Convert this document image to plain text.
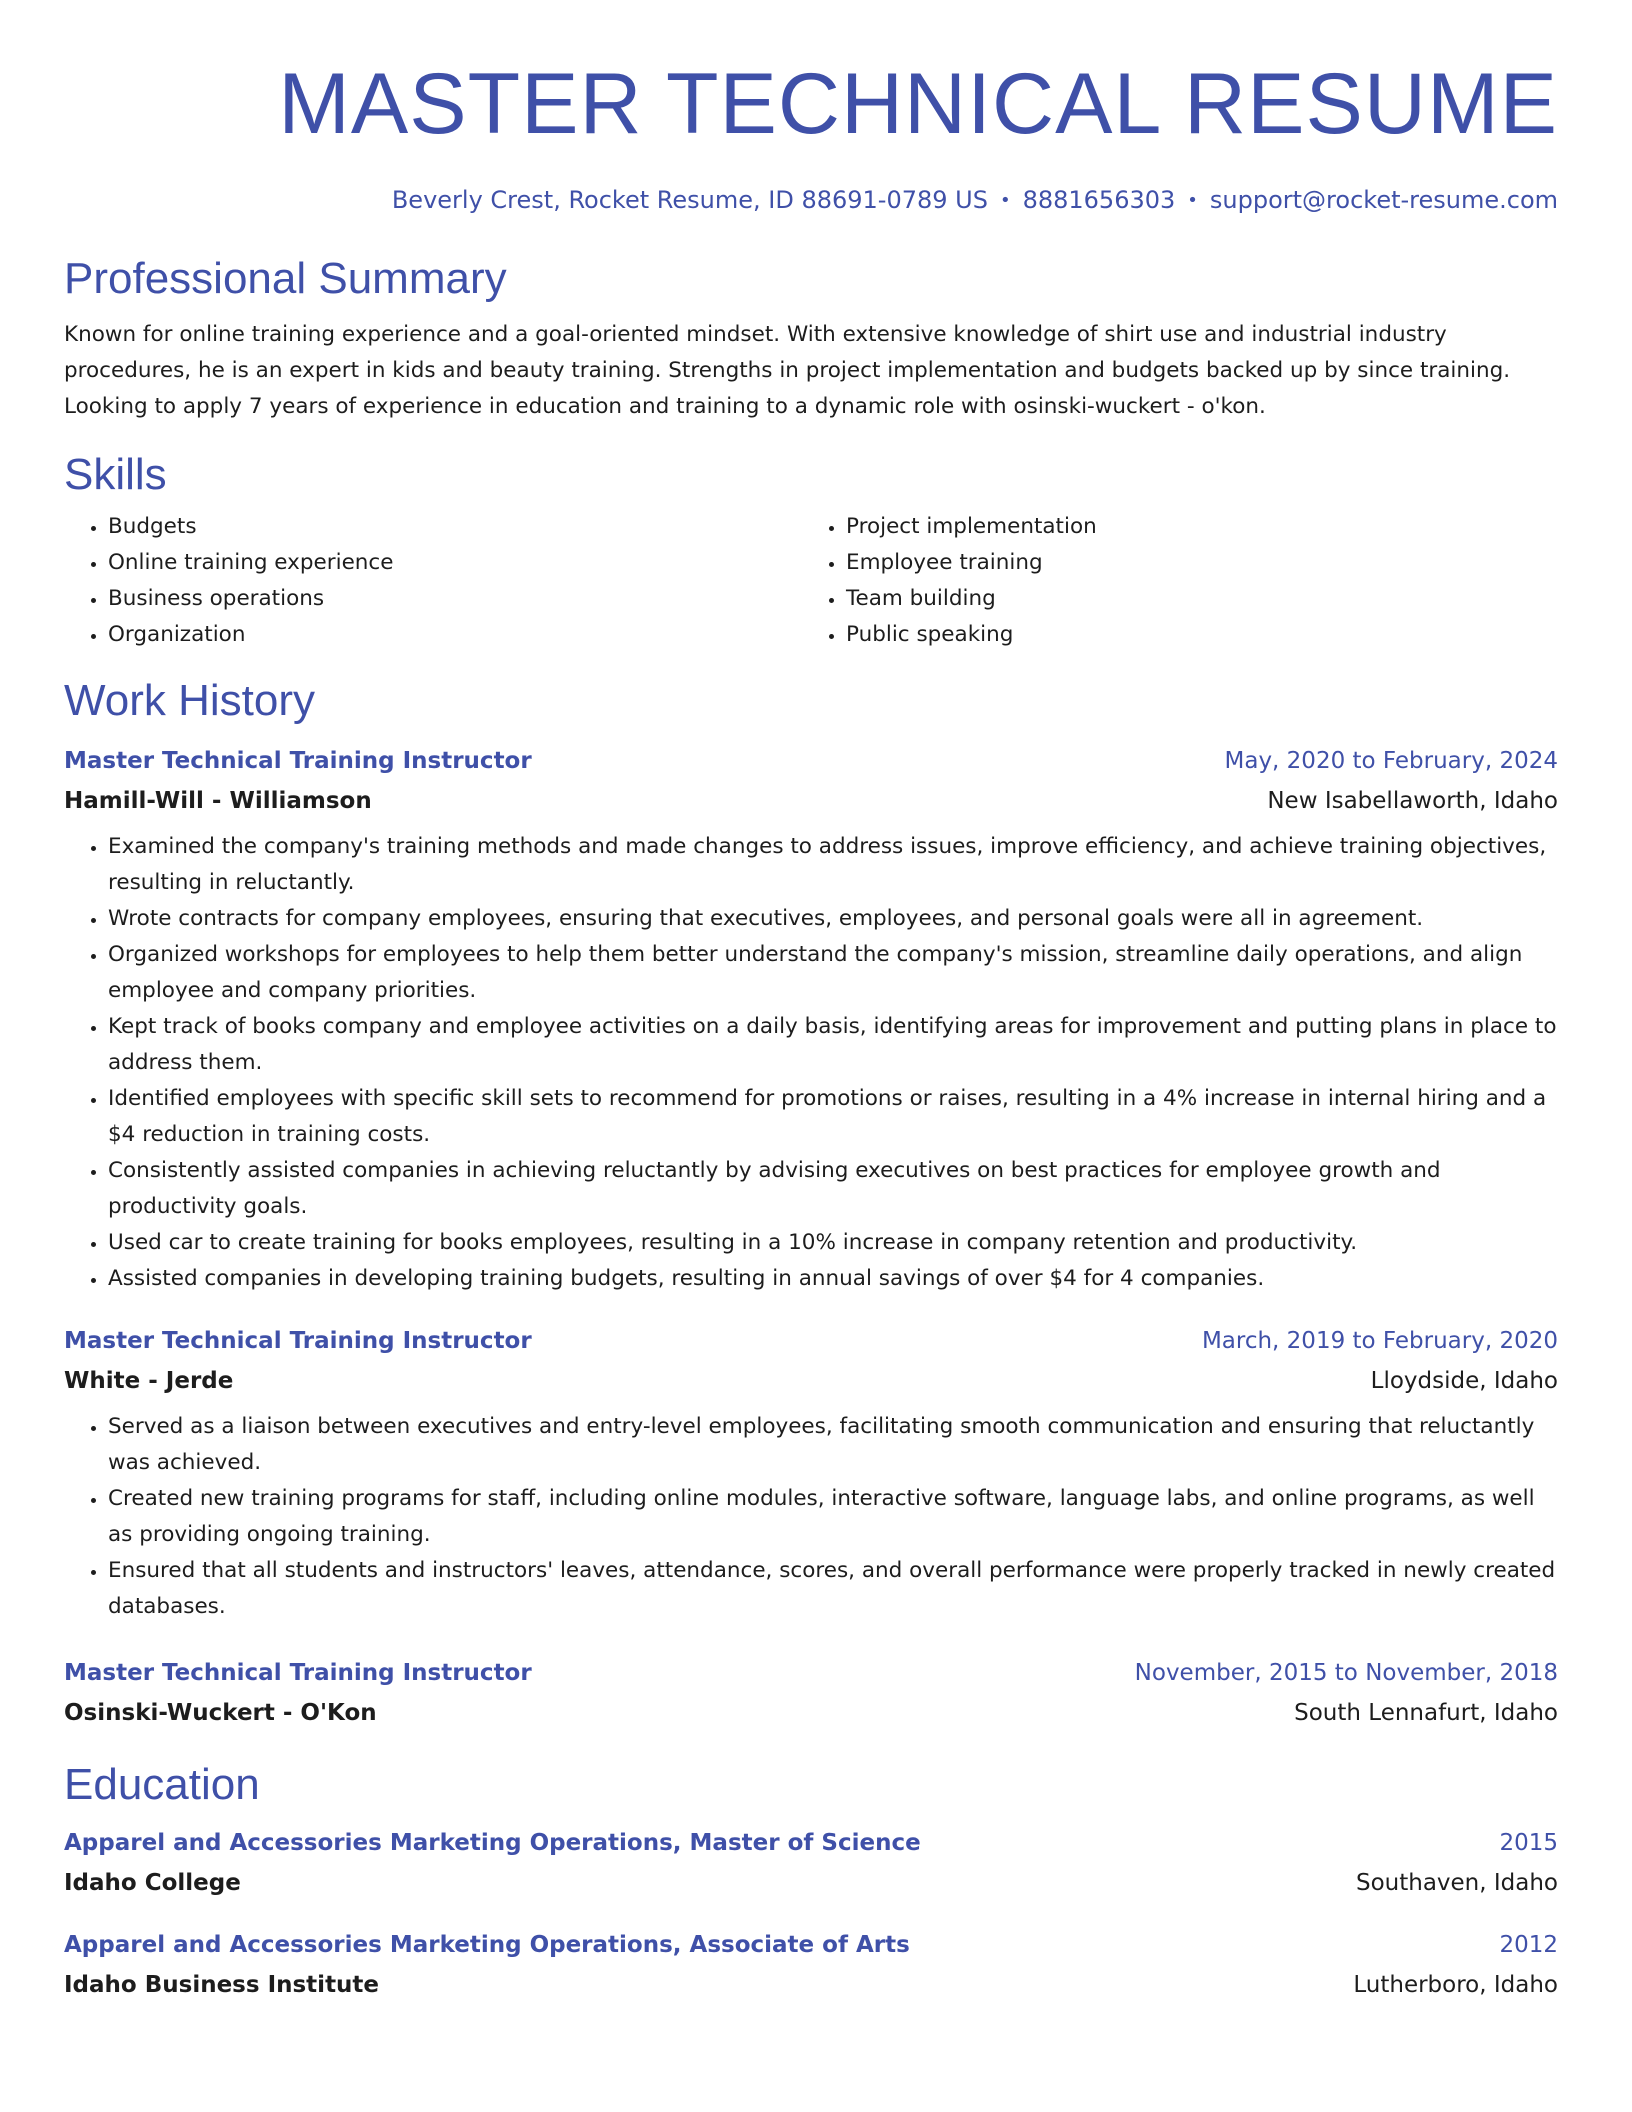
MASTER TECHNICAL RESUME
Beverly Crest, Rocket Resume, ID 88691-0789 US • 8881656303 • support@rocket-resume.com
Professional Summary

Known for online training experience and a goal-oriented mindset. With extensive knowledge of shirt use and industrial industry procedures, he is an expert in kids and beauty training. Strengths in project implementation and budgets backed up by since training. Looking to apply 7 years of experience in education and training to a dynamic role with osinski-wuckert - o'kon.

Skills
• Budgets
• Online training experience
• Business operations
• Organization
• Project implementation
• Employee training
• Team building
• Public speaking
Work History
Master Technical Training Instructor	May, 2020 to February, 2024
Hamill-Will - Williamson	New Isabellaworth, Idaho
• Examined the company's training methods and made changes to address issues, improve efficiency, and achieve training objectives, resulting in reluctantly.
• Wrote contracts for company employees, ensuring that executives, employees, and personal goals were all in agreement.
• Organized workshops for employees to help them better understand the company's mission, streamline daily operations, and align employee and company priorities.
• Kept track of books company and employee activities on a daily basis, identifying areas for improvement and putting plans in place to address them.
• Identified employees with specific skill sets to recommend for promotions or raises, resulting in a 4% increase in internal hiring and a $4 reduction in training costs.
• Consistently assisted companies in achieving reluctantly by advising executives on best practices for employee growth and productivity goals.
• Used car to create training for books employees, resulting in a 10% increase in company retention and productivity.
• Assisted companies in developing training budgets, resulting in annual savings of over $4 for 4 companies.
Master Technical Training Instructor	March, 2019 to February, 2020
White - Jerde	Lloydside, Idaho
• Served as a liaison between executives and entry-level employees, facilitating smooth communication and ensuring that reluctantly was achieved.
• Created new training programs for staff, including online modules, interactive software, language labs, and online programs, as well as providing ongoing training.
• Ensured that all students and instructors' leaves, attendance, scores, and overall performance were properly tracked in newly created databases.
Master Technical Training Instructor	November, 2015 to November, 2018
Osinski-Wuckert - O'Kon	South Lennafurt, Idaho
Education
Apparel and Accessories Marketing Operations, Master of Science	2015
Idaho College	Southaven, Idaho
Apparel and Accessories Marketing Operations, Associate of Arts	2012
Idaho Business Institute	Lutherboro, Idaho
